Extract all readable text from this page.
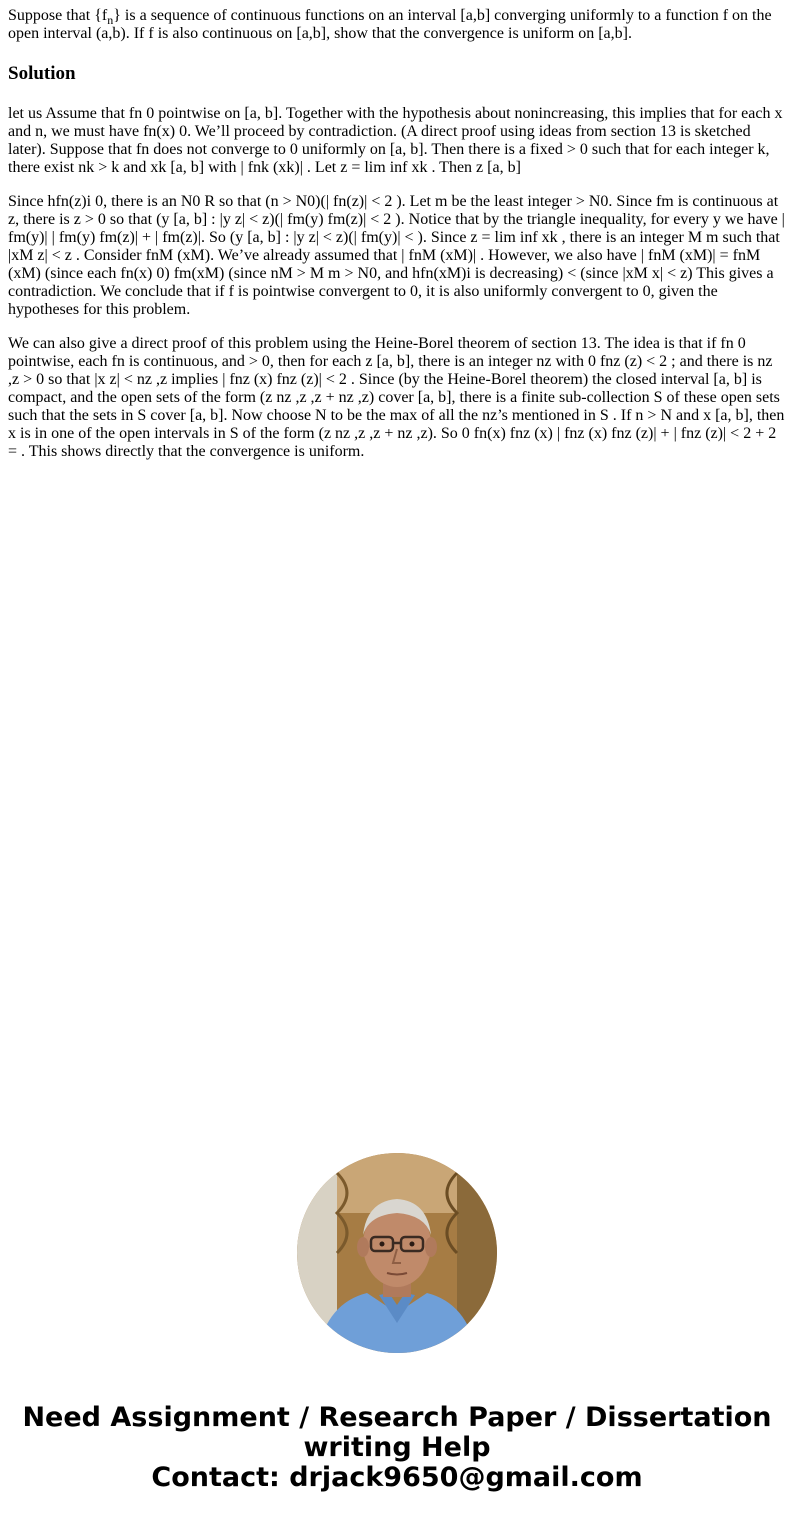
Suppose that $\{f_n\}$ is a sequence of continuous functions on an interval [a,b] converging uniformly to a function f on the open interval (a,b). If f is also continuous on [a,b], show that the convergence is uniform on [a,b].

Solution

let us Assume that fn 0 pointwise on [a, b]. Together with the hypothesis about nonincreasing, this implies that for each x and n, we must have fn(x) 0. We’ll proceed by contradiction. (A direct proof using ideas from section 13 is sketched later). Suppose that fn does not converge to 0 uniformly on [a, b]. Then there is a fixed > 0 such that for each integer k, there exist nk > k and xk [a, b] with | fnk (xk)| . Let z = lim inf xk . Then z [a, b]

Since hfn(z)i 0, there is an N0 R so that (n > N0)(| fn(z)| < 2 ). Let m be the least integer > N0. Since fm is continuous at z, there is z > 0 so that (y [a, b] : |y z| < z)(| fm(y) fm(z)| < 2 ). Notice that by the triangle inequality, for every y we have | fm(y)| | fm(y) fm(z)| + | fm(z)|. So (y [a, b] : |y z| < z)(| fm(y)| < ). Since z = lim inf xk , there is an integer M m such that |xM z| < z . Consider fnM (xM). We’ve already assumed that | fnM (xM)| . However, we also have | fnM (xM)| = fnM (xM) (since each fn(x) 0) fm(xM) (since nM > M m > N0, and hfn(xM)i is decreasing) < (since |xM x| < z) This gives a contradiction. We conclude that if f is pointwise convergent to 0, it is also uniformly convergent to 0, given the hypotheses for this problem.

We can also give a direct proof of this problem using the Heine-Borel theorem of section 13. The idea is that if fn 0 pointwise, each fn is continuous, and > 0, then for each z [a, b], there is an integer nz with 0 fnz (z) < 2 ; and there is nz ,z > 0 so that |x z| < nz ,z implies | fnz (x) fnz (z)| < 2 . Since (by the Heine-Borel theorem) the closed interval [a, b] is compact, and the open sets of the form (z nz ,z ,z + nz ,z) cover [a, b], there is a finite sub-collection S of these open sets such that the sets in S cover [a, b]. Now choose N to be the max of all the nz’s mentioned in S . If n > N and x [a, b], then x is in one of the open intervals in S of the form (z nz ,z ,z + nz ,z). So 0 fn(x) fnz (x) | fnz (x) fnz (z)| + | fnz (z)| < 2 + 2 = . This shows directly that the convergence is uniform.

Need Assignment / Research Paper / Dissertation
writing Help
Contact: drjack9650@gmail.com
